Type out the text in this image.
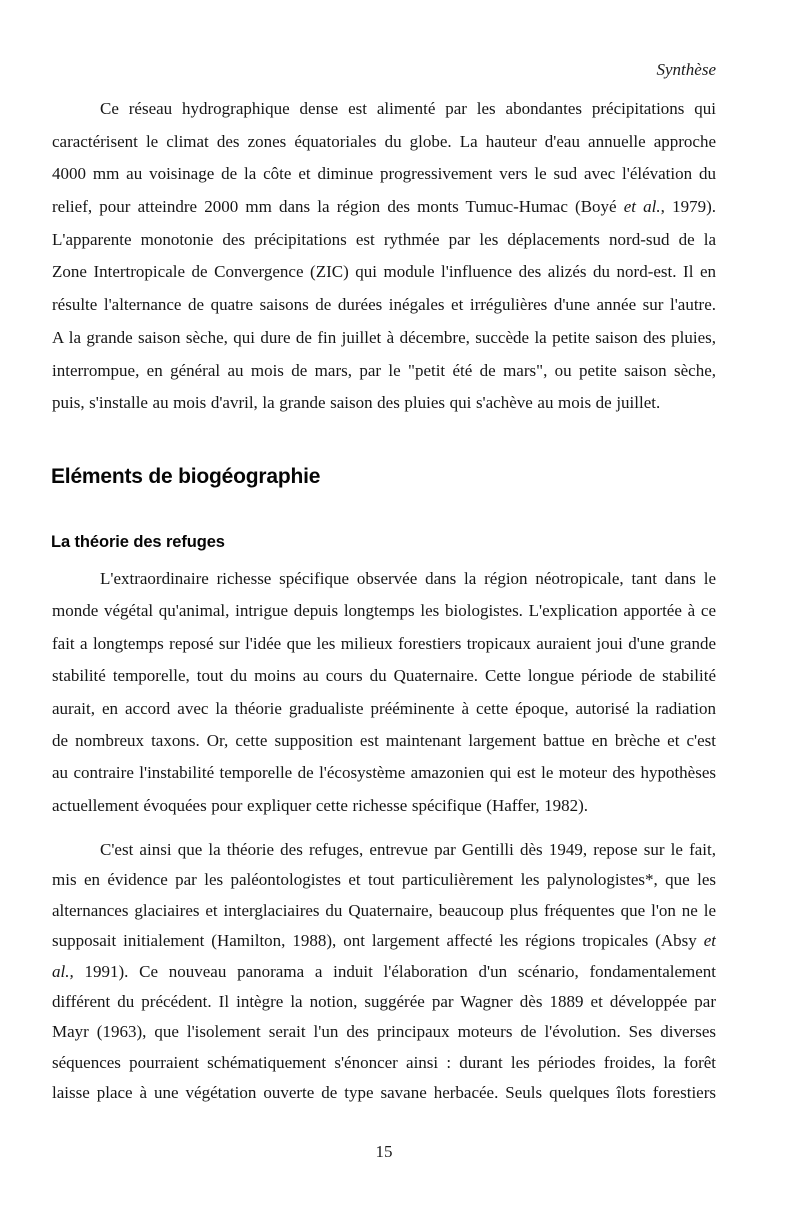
Synthèse
Ce réseau hydrographique dense est alimenté par les abondantes précipitations qui
caractérisent le climat des zones équatoriales du globe. La hauteur d'eau annuelle approche
4000 mm au voisinage de la côte et diminue progressivement vers le sud avec l'élévation du
relief, pour atteindre 2000 mm dans la région des monts Tumuc-Humac (Boyé et al., 1979).
L'apparente monotonie des précipitations est rythmée par les déplacements nord-sud de la
Zone Intertropicale de Convergence (ZIC) qui module l'influence des alizés du nord-est. Il en
résulte l'alternance de quatre saisons de durées inégales et irrégulières d'une année sur l'autre.
A la grande saison sèche, qui dure de fin juillet à décembre, succède la petite saison des pluies,
interrompue, en général au mois de mars, par le "petit été de mars", ou petite saison sèche,
puis, s'installe au mois d'avril, la grande saison des pluies qui s'achève au mois de juillet.
Eléments de biogéographie
La théorie des refuges
L'extraordinaire richesse spécifique observée dans la région néotropicale, tant dans le
monde végétal qu'animal, intrigue depuis longtemps les biologistes. L'explication apportée à ce
fait a longtemps reposé sur l'idée que les milieux forestiers tropicaux auraient joui d'une grande
stabilité temporelle, tout du moins au cours du Quaternaire. Cette longue période de stabilité
aurait, en accord avec la théorie gradualiste prééminente à cette époque, autorisé la radiation
de nombreux taxons. Or, cette supposition est maintenant largement battue en brèche et c'est
au contraire l'instabilité temporelle de l'écosystème amazonien qui est le moteur des hypothèses
actuellement évoquées pour expliquer cette richesse spécifique (Haffer, 1982).
C'est ainsi que la théorie des refuges, entrevue par Gentilli dès 1949, repose sur le fait,
mis en évidence par les paléontologistes et tout particulièrement les palynologistes*, que les
alternances glaciaires et interglaciaires du Quaternaire, beaucoup plus fréquentes que l'on ne le
supposait initialement (Hamilton, 1988), ont largement affecté les régions tropicales (Absy et
al., 1991). Ce nouveau panorama a induit l'élaboration d'un scénario, fondamentalement
différent du précédent. Il intègre la notion, suggérée par Wagner dès 1889 et développée par
Mayr (1963), que l'isolement serait l'un des principaux moteurs de l'évolution. Ses diverses
séquences pourraient schématiquement s'énoncer ainsi : durant les périodes froides, la forêt
laisse place à une végétation ouverte de type savane herbacée. Seuls quelques îlots forestiers
15
